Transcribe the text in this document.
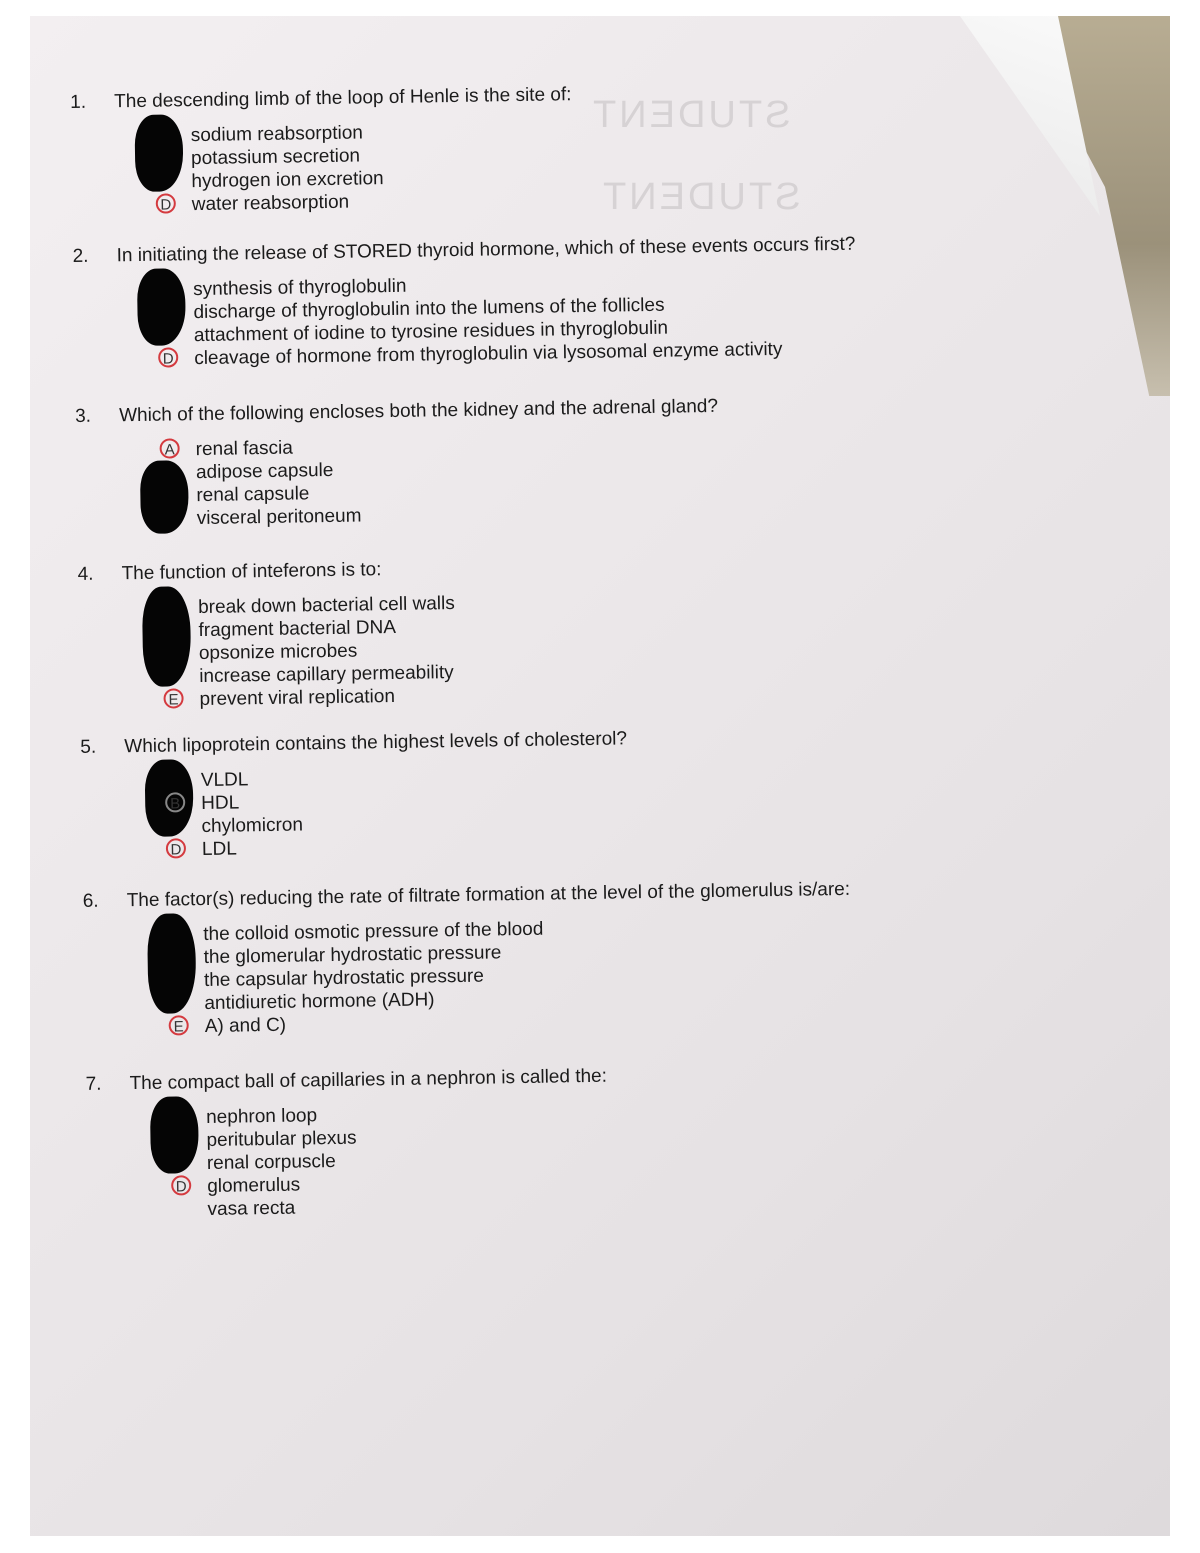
STUDENT
STUDENT
1.	The descending limb of the loop of Henle is the site of:
sodium reabsorption
potassium secretion
hydrogen ion excretion
water reabsorption
D
2.	In initiating the release of STORED thyroid hormone, which of these events occurs first?
synthesis of thyroglobulin
discharge of thyroglobulin into the lumens of the follicles
attachment of iodine to tyrosine residues in thyroglobulin
cleavage of hormone from thyroglobulin via lysosomal enzyme activity
D
3.	Which of the following encloses both the kidney and the adrenal gland?
renal fascia
A
adipose capsule
renal capsule
visceral peritoneum
4.	The function of inteferons is to:
break down bacterial cell walls
fragment bacterial DNA
opsonize microbes
increase capillary permeability
prevent viral replication
E
5.	Which lipoprotein contains the highest levels of cholesterol?
VLDL
HDL
B
chylomicron
LDL
D
6.	The factor(s) reducing the rate of filtrate formation at the level of the glomerulus is/are:
the colloid osmotic pressure of the blood
the glomerular hydrostatic pressure
the capsular hydrostatic pressure
antidiuretic hormone (ADH)
A) and C)
E
7.	The compact ball of capillaries in a nephron is called the:
nephron loop
peritubular plexus
renal corpuscle
glomerulus
D
vasa recta
